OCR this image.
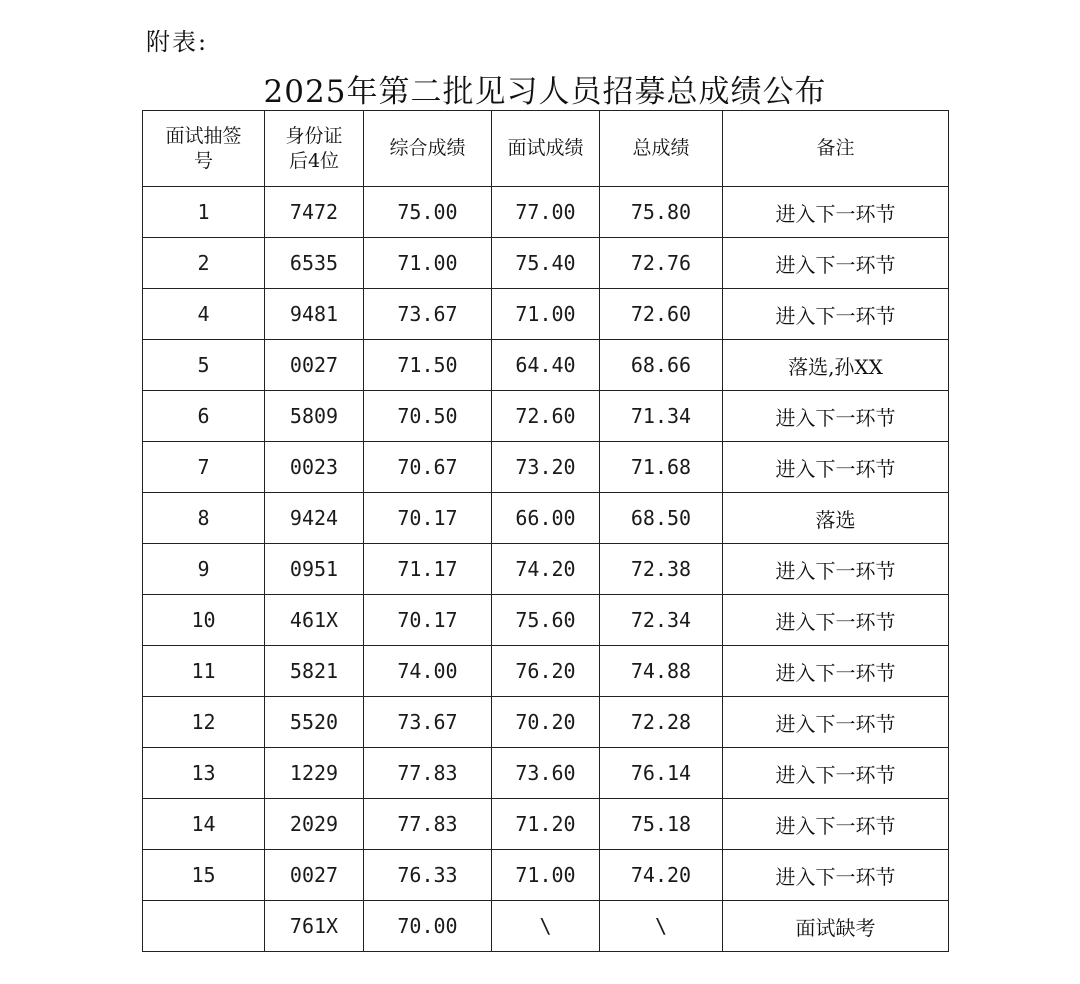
附表:
2025年第二批见习人员招募总成绩公布
面试抽签号	身份证后4位	综合成绩	面试成绩	总成绩	备注
1	7472	75.00	77.00	75.80	进入下一环节
2	6535	71.00	75.40	72.76	进入下一环节
4	9481	73.67	71.00	72.60	进入下一环节
5	0027	71.50	64.40	68.66	落选,孙XX
6	5809	70.50	72.60	71.34	进入下一环节
7	0023	70.67	73.20	71.68	进入下一环节
8	9424	70.17	66.00	68.50	落选
9	0951	71.17	74.20	72.38	进入下一环节
10	461X	70.17	75.60	72.34	进入下一环节
11	5821	74.00	76.20	74.88	进入下一环节
12	5520	73.67	70.20	72.28	进入下一环节
13	1229	77.83	73.60	76.14	进入下一环节
14	2029	77.83	71.20	75.18	进入下一环节
15	0027	76.33	71.00	74.20	进入下一环节
	761X	70.00	\	\	面试缺考
